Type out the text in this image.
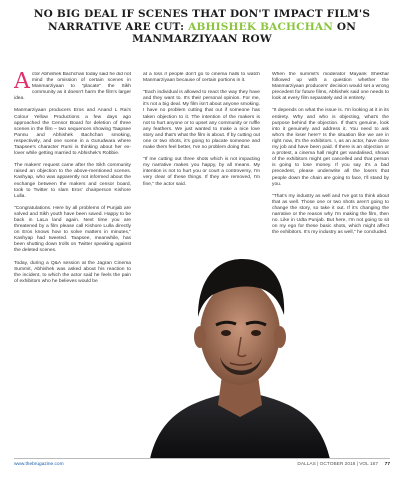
NO BIG DEAL IF SCENES THAT DON'T IMPACT FILM'S NARRATIVE ARE CUT: ABHISHEK BACHCHAN ON MANMARZIYAAN ROW

Actor Abhishek Bachchan today said he did not mind the omission of certain scenes in Manmarziyaan to "placate" the Sikh community as it doesn't harm the film's larger idea.

Manmarziyaan producers Eros and Anand L Rai's Colour Yellow Productions a few days ago approached the Censor Board for deletion of three scenes in the film – two sequences showing Taapsee Pannu and Abhishek Bachchan smoking, respectively, and one scene in a Gurudwara where Taapsee's character Rumi is thinking about her ex-lover while getting married to Abhishek's Robbie.

The makers' request came after the Sikh community raised an objection to the above-mentioned scenes. Kashyap, who was apparently not informed about the exchange between the makers and censor board, took to Twitter to slam Eros' chairperson Kishore Lulla.

"Congratulations. Here by all problems of Punjab are solved and Sikh youth have been saved. Happy to be back in LaLa land again. Next time you are threatened by a film please call Kishore Lulla directly on Eros knows how to solve matters in minutes," Kashyap had tweeted. Taapsee, meanwhile, has been shutting down trolls on Twitter speaking against the deleted scenes.

Today, during a Q&A session at the Jagran Cinema Summit, Abhishek was asked about his reaction to the incident, to which the actor said he feels the pain of exhibitors who he believes would be

at a loss if people don't go to cinema halls to watch Manmarziyaan because of certain portions in it.

"Each individual is allowed to react the way they have and they want to. It's their personal opinion. For me, it's not a big deal. My film isn't about anyone smoking. I have no problem cutting that out if someone has taken objection to it. The intention of the makers is not to hurt anyone or to upset any community or ruffle any feathers. We just wanted to make a nice love story and that's what the film is about. If by cutting out one or two shots, it's going to placate someone and make them feel better, I've no problem doing that.

"If me cutting out three shots which is not impacting my narrative makes you happy, by all means. My intention is not to hurt you or court a controversy, I'm very clear of these things. If they are removed, I'm fine," the actor said.

When the summit's moderator Mayank Shekhar followed up with a question whether the Manmarziyaan producers' decision would set a wrong precedent for future films, Abhishek said one needs to look at every film separately and in entirety.

"It depends on what the issue is. I'm looking at it in its entirety. Why and who is objecting, what's the purpose behind the objection. If that's genuine, look into it genuinely and address it. You need to ask who's the loser here? Is the situation like we are in right now, it's the exhibitors. I, as an actor, have done my job and have been paid. If there is an objection or a protest, a cinema hall might get vandalised, shows of the exhibitors might get cancelled and that person is going to lose money. If you say it's a bad precedent, please underwrite all the losers that people down the chain are going to face, I'll stand by you.

"That's my industry as well and I've got to think about that as well. Those one or two shots aren't going to change the story, so take it out. If it's changing the narrative or the reason why I'm making the film, then no. Like in Udta Punjab. But here, I'm not going to sit on my ego for these basic shots, which might affect the exhibitors. It's my industry as well," he concluded.

www.thebrugazine.com	DALLAS | OCTOBER 2018 | VOL 167 77
